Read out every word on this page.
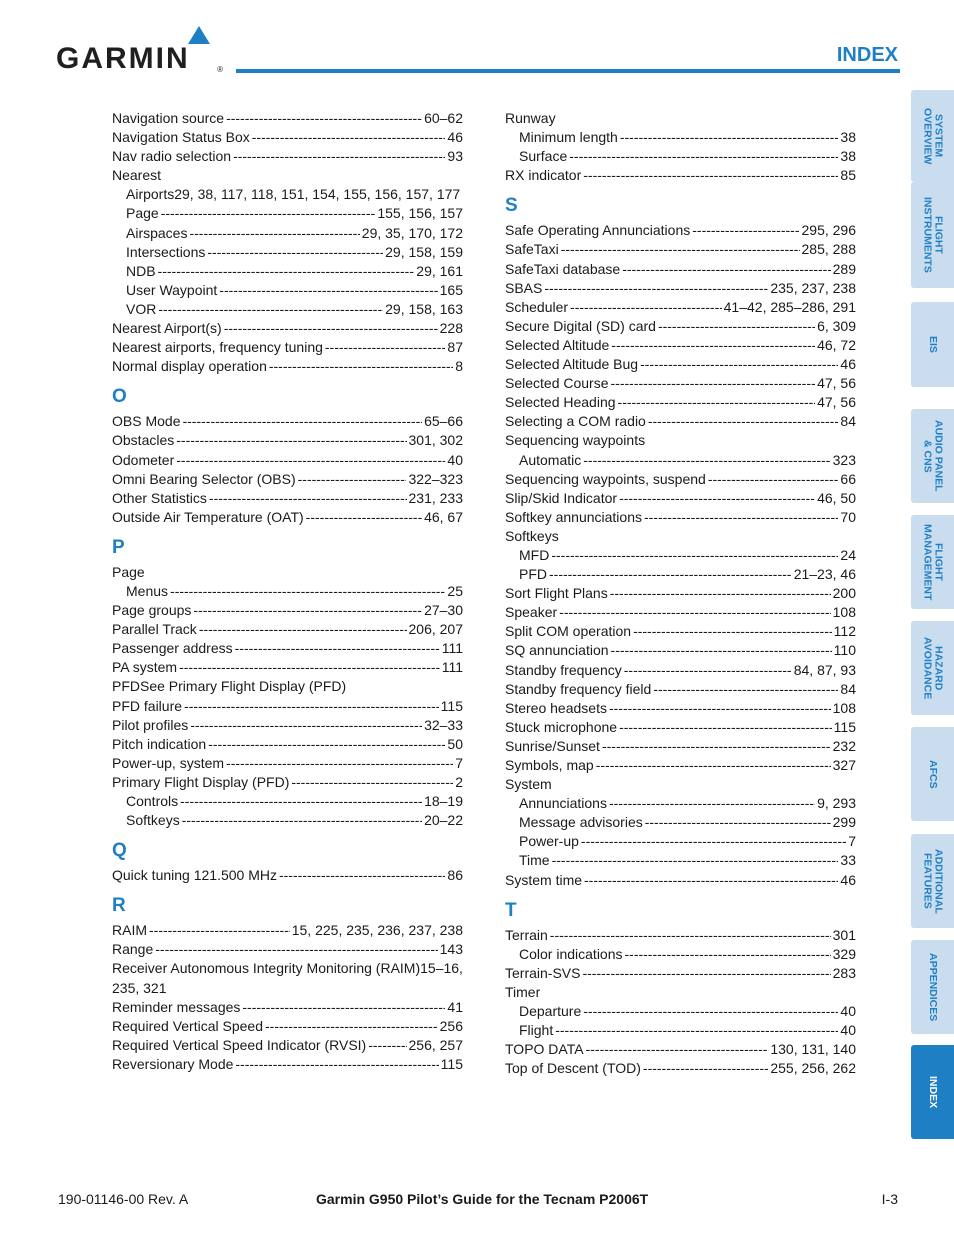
GARMIN	®
INDEX
Navigation source -----	60–62
Navigation Status Box -----	46
Nav radio selection -----	93
Nearest
Airports29, 38, 117, 118, 151, 154, 155, 156, 157, 177
Page -----	155, 156, 157
Airspaces -----	29, 35, 170, 172
Intersections -----	29, 158, 159
NDB -----	29, 161
User Waypoint -----	165
VOR -----	29, 158, 163
Nearest Airport(s) -----	228
Nearest airports, frequency tuning -----	87
Normal display operation -----	8
O
OBS Mode -----	65–66
Obstacles -----	301, 302
Odometer -----	40
Omni Bearing Selector (OBS) -----	322–323
Other Statistics -----	231, 233
Outside Air Temperature (OAT) -----	46, 67
P
Page
Menus -----	25
Page groups -----	27–30
Parallel Track -----	206, 207
Passenger address -----	111
PA system -----	111
PFDSee Primary Flight Display (PFD)
PFD failure -----	115
Pilot profiles -----	32–33
Pitch indication -----	50
Power-up, system -----	7
Primary Flight Display (PFD) -----	2
Controls -----	18–19
Softkeys -----	20–22
Q
Quick tuning 121.500 MHz -----	86
R
RAIM -----	15, 225, 235, 236, 237, 238
Range -----	143
Receiver Autonomous Integrity Monitoring (RAIM)15–16, 235, 321
Reminder messages -----	41
Required Vertical Speed -----	256
Required Vertical Speed Indicator (RVSI) -----	256, 257
Reversionary Mode -----	115
Runway
Minimum length -----	38
Surface -----	38
RX indicator -----	85
S
Safe Operating Annunciations -----	295, 296
SafeTaxi -----	285, 288
SafeTaxi database -----	289
SBAS -----	235, 237, 238
Scheduler -----	41–42, 285–286, 291
Secure Digital (SD) card -----	6, 309
Selected Altitude -----	46, 72
Selected Altitude Bug -----	46
Selected Course -----	47, 56
Selected Heading -----	47, 56
Selecting a COM radio -----	84
Sequencing waypoints
Automatic -----	323
Sequencing waypoints, suspend -----	66
Slip/Skid Indicator -----	46, 50
Softkey annunciations -----	70
Softkeys
MFD -----	24
PFD -----	21–23, 46
Sort Flight Plans -----	200
Speaker -----	108
Split COM operation -----	112
SQ annunciation -----	110
Standby frequency -----	84, 87, 93
Standby frequency field -----	84
Stereo headsets -----	108
Stuck microphone -----	115
Sunrise/Sunset -----	232
Symbols, map -----	327
System
Annunciations -----	9, 293
Message advisories -----	299
Power-up -----	7
Time -----	33
System time -----	46
T
Terrain -----	301
Color indications -----	329
Terrain-SVS -----	283
Timer
Departure -----	40
Flight -----	40
TOPO DATA -----	130, 131, 140
Top of Descent (TOD) -----	255, 256, 262
SYSTEM
OVERVIEW
FLIGHT
INSTRUMENTS
EIS
AUDIO PANEL
& CNS
FLIGHT
MANAGEMENT
HAZARD
AVOIDANCE
AFCS
ADDITIONAL
FEATURES
APPENDICES
INDEX
190-01146-00 Rev. A	Garmin G950 Pilot’s Guide for the Tecnam P2006T	I-3
